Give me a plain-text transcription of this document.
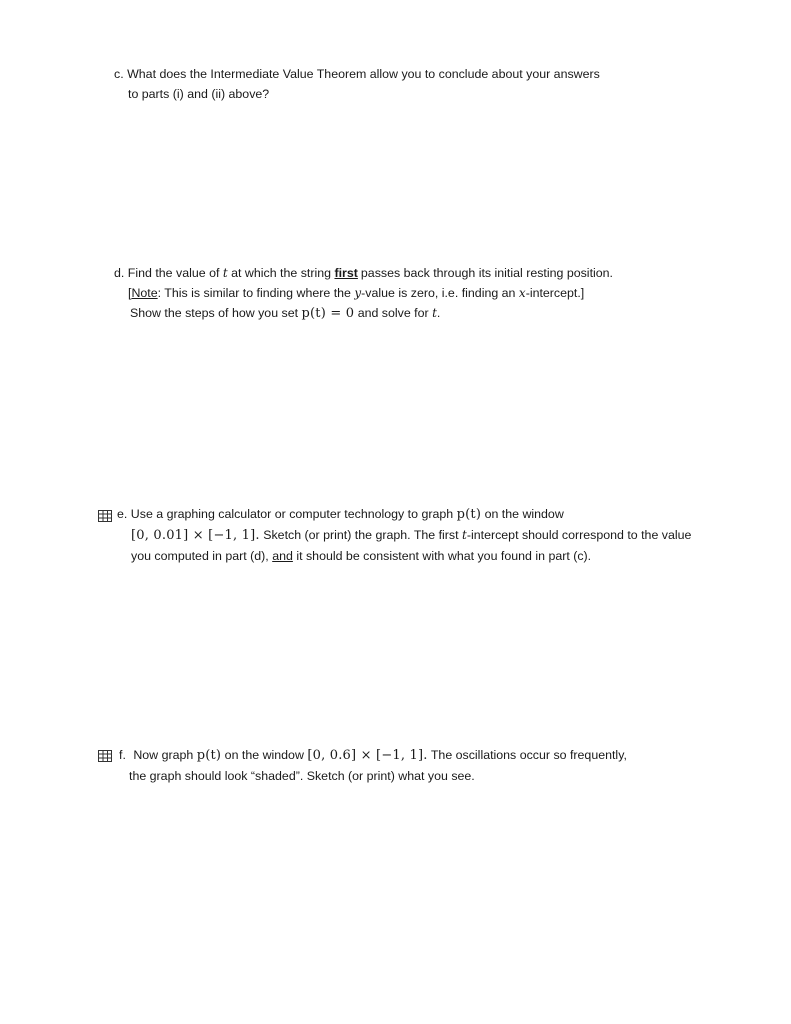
c. What does the Intermediate Value Theorem allow you to conclude about your answers
to parts (i) and (ii) above?
d. Find the value of t at which the string first passes back through its initial resting position.
[Note: This is similar to finding where the y-value is zero, i.e. finding an x-intercept.]
Show the steps of how you set p(t) = 0 and solve for t.
e. Use a graphing calculator or computer technology to graph p(t) on the window
[0, 0.01] × [−1, 1]. Sketch (or print) the graph. The first t-intercept should correspond to the value
you computed in part (d), and it should be consistent with what you found in part (c).
f. Now graph p(t) on the window [0, 0.6] × [−1, 1]. The oscillations occur so frequently,
the graph should look “shaded”. Sketch (or print) what you see.
